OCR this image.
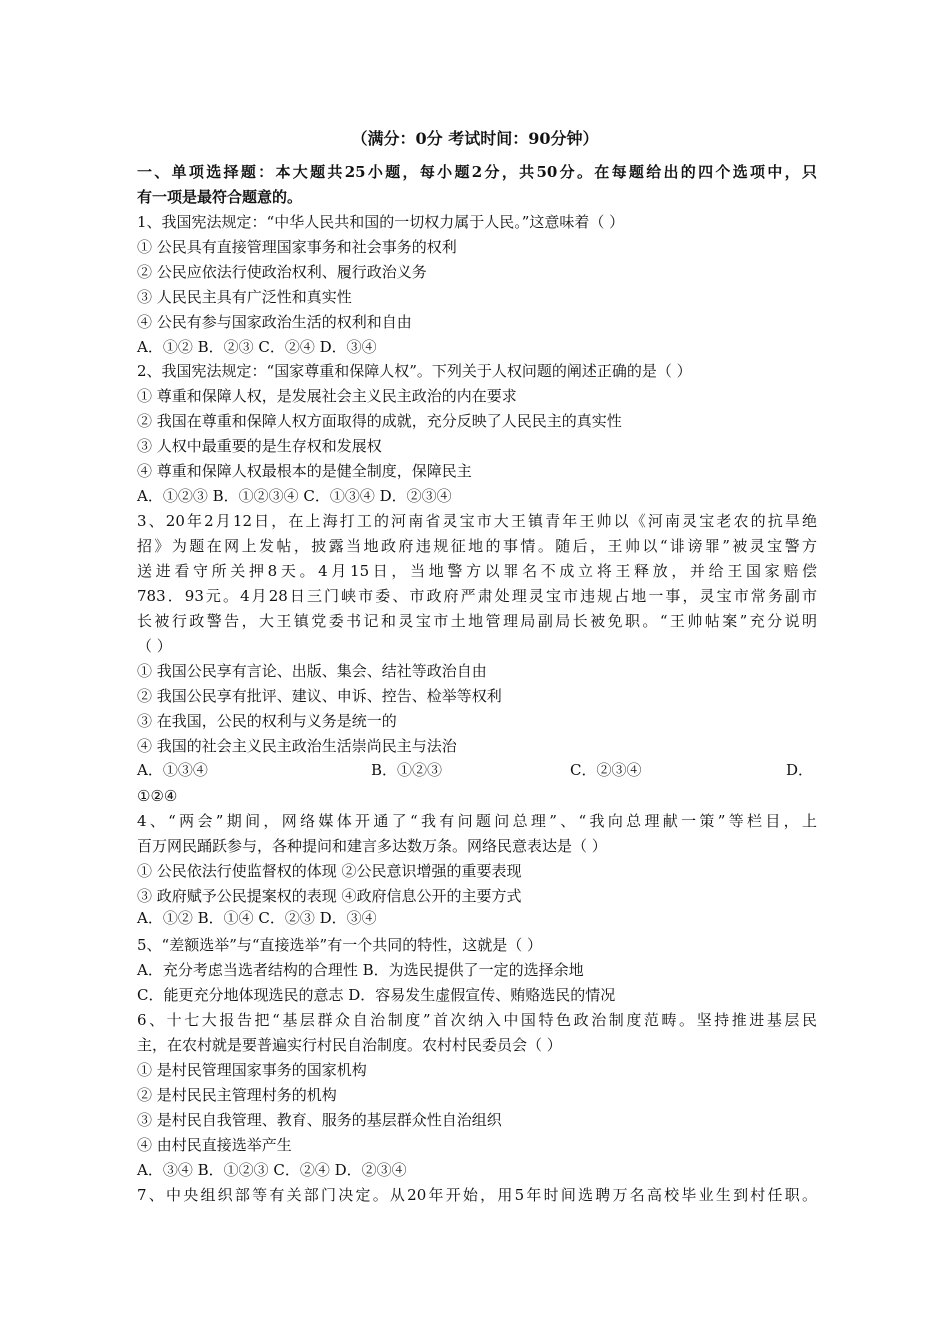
（满分：0分 考试时间：90分钟）
一、单项选择题：本大题共25小题，每小题2分，共50分。在每题给出的四个选项中，只
有一项是最符合题意的。
1、我国宪法规定：“中华人民共和国的一切权力属于人民。”这意味着（ ）
① 公民具有直接管理国家事务和社会事务的权利
② 公民应依法行使政治权利、履行政治义务
③ 人民民主具有广泛性和真实性
④ 公民有参与国家政治生活的权利和自由
A．①② B．②③ C．②④ D．③④
2、我国宪法规定：“国家尊重和保障人权”。下列关于人权问题的阐述正确的是（ ）
① 尊重和保障人权，是发展社会主义民主政治的内在要求
② 我国在尊重和保障人权方面取得的成就，充分反映了人民民主的真实性
③ 人权中最重要的是生存权和发展权
④ 尊重和保障人权最根本的是健全制度，保障民主
A．①②③ B．①②③④ C．①③④ D．②③④
3、20年2月12日，在上海打工的河南省灵宝市大王镇青年王帅以《河南灵宝老农的抗旱绝
招》为题在网上发帖，披露当地政府违规征地的事情。随后，王帅以“诽谤罪”被灵宝警方
送进看守所关押8天。4月15日，当地警方以罪名不成立将王释放，并给王国家赔偿
783．93元。4月28日三门峡市委、市政府严肃处理灵宝市违规占地一事，灵宝市常务副市
长被行政警告，大王镇党委书记和灵宝市土地管理局副局长被免职。“王帅帖案”充分说明
（ ）
① 我国公民享有言论、出版、集会、结社等政治自由
② 我国公民享有批评、建议、申诉、控告、检举等权利
③ 在我国，公民的权利与义务是统一的
④ 我国的社会主义民主政治生活崇尚民主与法治
A．①③④	B．①②③	C．②③④	D．
①②④
4、“两会”期间，网络媒体开通了“我有问题问总理”、“我向总理献一策”等栏目，上
百万网民踊跃参与，各种提问和建言多达数万条。网络民意表达是（ ）
① 公民依法行使监督权的体现 ②公民意识增强的重要表现
③ 政府赋予公民提案权的表现 ④政府信息公开的主要方式
A．①② B．①④ C．②③ D．③④
5、“差额选举”与“直接选举”有一个共同的特性，这就是（ ）
A．充分考虑当选者结构的合理性 B．为选民提供了一定的选择余地
C．能更充分地体现选民的意志 D．容易发生虚假宣传、贿赂选民的情况
6、十七大报告把“基层群众自治制度”首次纳入中国特色政治制度范畴。坚持推进基层民
主，在农村就是要普遍实行村民自治制度。农村村民委员会（ ）
① 是村民管理国家事务的国家机构
② 是村民民主管理村务的机构
③ 是村民自我管理、教育、服务的基层群众性自治组织
④ 由村民直接选举产生
A．③④ B．①②③ C．②④ D．②③④
7、中央组织部等有关部门决定。从20年开始，用5年时间选聘万名高校毕业生到村任职。
